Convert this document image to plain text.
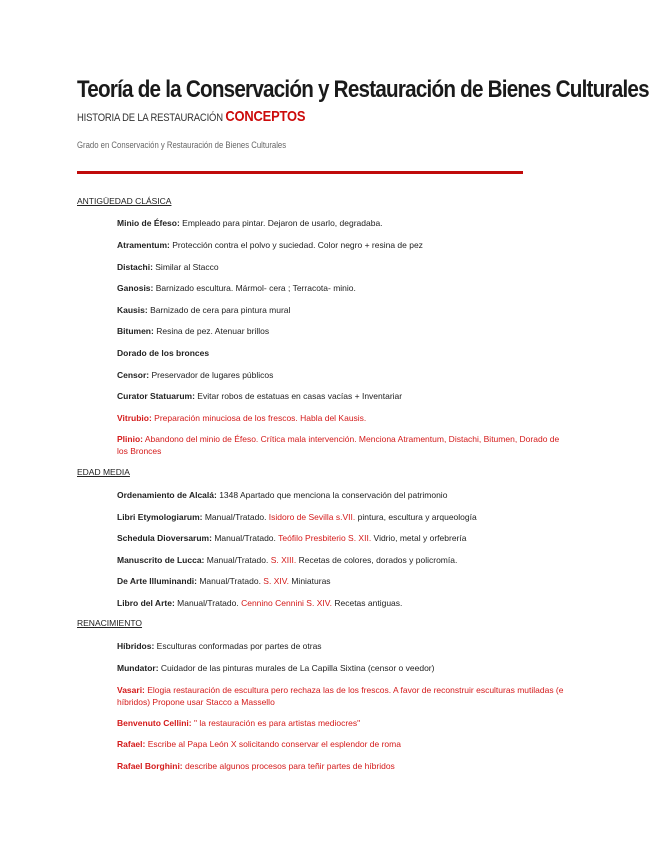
Teoría de la Conservación y Restauración de Bienes Culturales
HISTORIA DE LA RESTAURACIÓN CONCEPTOS
Grado en Conservación y Restauración de Bienes Culturales
ANTIGÜEDAD CLÁSICA
Minio de Éfeso: Empleado para pintar. Dejaron de usarlo, degradaba.
Atramentum: Protección contra el polvo y suciedad. Color negro + resina de pez
Distachi: Similar al Stacco
Ganosis: Barnizado escultura. Mármol- cera ; Terracota- minio.
Kausis: Barnizado de cera para pintura mural
Bitumen: Resina de pez. Atenuar brillos
Dorado de los bronces
Censor: Preservador de lugares públicos
Curator Statuarum: Evitar robos de estatuas en casas vacías + Inventariar
Vitrubio: Preparación minuciosa de los frescos. Habla del Kausis.
Plinio: Abandono del minio de Éfeso. Crítica mala intervención. Menciona Atramentum, Distachi, Bitumen, Dorado de los Bronces
EDAD MEDIA
Ordenamiento de Alcalá: 1348 Apartado que menciona la conservación del patrimonio
Libri Etymologiarum: Manual/Tratado. Isidoro de Sevilla s.VII. pintura, escultura y arqueología
Schedula Dioversarum: Manual/Tratado. Teófilo Presbiterio S. XII. Vidrio, metal y orfebrería
Manuscrito de Lucca: Manual/Tratado. S. XIII. Recetas de colores, dorados y policromía.
De Arte Illuminandi: Manual/Tratado. S. XIV. Miniaturas
Libro del Arte: Manual/Tratado. Cennino Cennini S. XIV. Recetas antiguas.
RENACIMIENTO
Híbridos: Esculturas conformadas por partes de otras
Mundator: Cuidador de las pinturas murales de La Capilla Sixtina (censor o veedor)
Vasari: Elogia restauración de escultura pero rechaza las de los frescos. A favor de reconstruir esculturas mutiladas (e híbridos) Propone usar Stacco a Massello
Benvenuto Cellini: " la restauración es para artistas mediocres"
Rafael: Escribe al Papa León X solicitando conservar el esplendor de roma
Rafael Borghini: describe algunos procesos para teñir partes de híbridos
